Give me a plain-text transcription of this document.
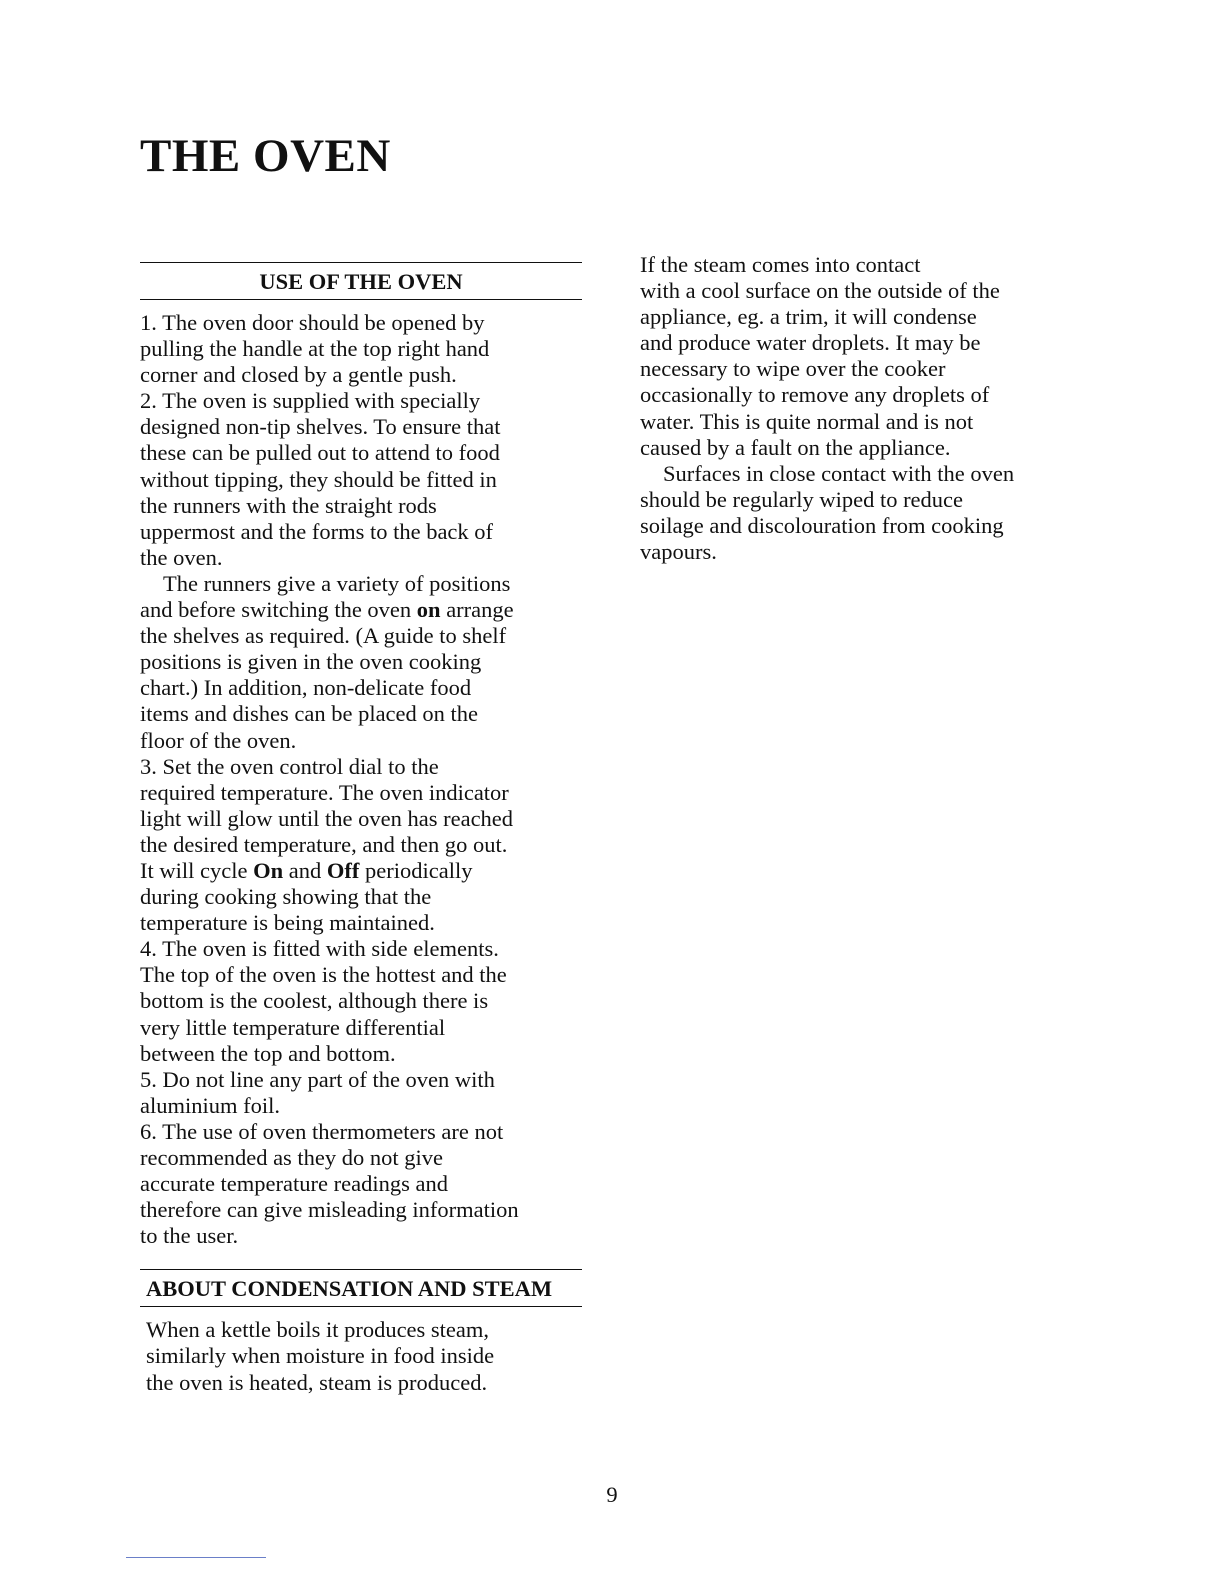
THE OVEN
USE OF THE OVEN

1. The oven door should be opened by
pulling the handle at the top right hand
corner and closed by a gentle push.

2. The oven is supplied with specially
designed non-tip shelves. To ensure that
these can be pulled out to attend to food
without tipping, they should be fitted in
the runners with the straight rods
uppermost and the forms to the back of
the oven.

The runners give a variety of positions
and before switching the oven on arrange
the shelves as required. (A guide to shelf
positions is given in the oven cooking
chart.) In addition, non-delicate food
items and dishes can be placed on the
floor of the oven.

3. Set the oven control dial to the
required temperature. The oven indicator
light will glow until the oven has reached
the desired temperature, and then go out.
It will cycle On and Off periodically
during cooking showing that the
temperature is being maintained.

4. The oven is fitted with side elements.
The top of the oven is the hottest and the
bottom is the coolest, although there is
very little temperature differential
between the top and bottom.

5. Do not line any part of the oven with
aluminium foil.

6. The use of oven thermometers are not
recommended as they do not give
accurate temperature readings and
therefore can give misleading information
to the user.

ABOUT CONDENSATION AND STEAM

When a kettle boils it produces steam,
similarly when moisture in food inside
the oven is heated, steam is produced.

If the steam comes into contact
with a cool surface on the outside of the
appliance, eg. a trim, it will condense
and produce water droplets. It may be
necessary to wipe over the cooker
occasionally to remove any droplets of
water. This is quite normal and is not
caused by a fault on the appliance.

Surfaces in close contact with the oven
should be regularly wiped to reduce
soilage and discolouration from cooking
vapours.

9
